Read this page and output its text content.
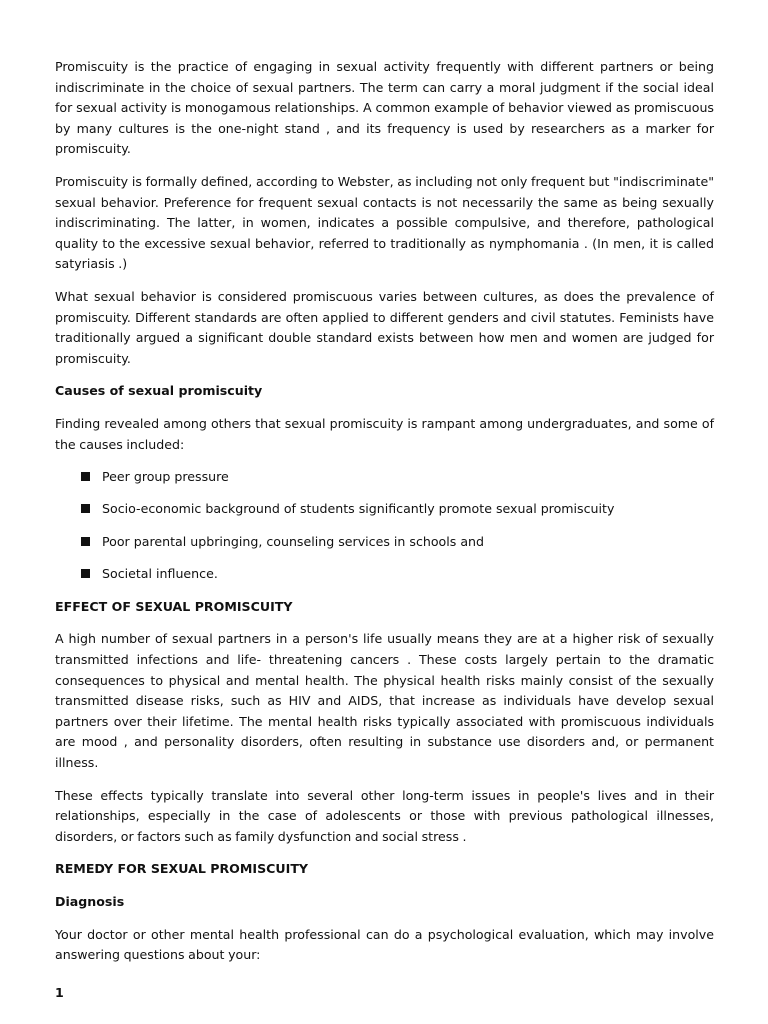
Promiscuity is the practice of engaging in sexual activity frequently with different partners or being indiscriminate in the choice of sexual partners. The term can carry a moral judgment if the social ideal for sexual activity is monogamous relationships. A common example of behavior viewed as promiscuous by many cultures is the one-night stand , and its frequency is used by researchers as a marker for promiscuity.

Promiscuity is formally defined, according to Webster, as including not only frequent but "indiscriminate" sexual behavior. Preference for frequent sexual contacts is not necessarily the same as being sexually indiscriminating. The latter, in women, indicates a possible compulsive, and therefore, pathological quality to the excessive sexual behavior, referred to traditionally as nymphomania . (In men, it is called satyriasis .)

What sexual behavior is considered promiscuous varies between cultures, as does the prevalence of promiscuity. Different standards are often applied to different genders and civil statutes. Feminists have traditionally argued a significant double standard exists between how men and women are judged for promiscuity.

Causes of sexual promiscuity

Finding revealed among others that sexual promiscuity is rampant among undergraduates, and some of the causes included:

Peer group pressure
Socio-economic background of students significantly promote sexual promiscuity
Poor parental upbringing, counseling services in schools and
Societal influence.
EFFECT OF SEXUAL PROMISCUITY

A high number of sexual partners in a person's life usually means they are at a higher risk of sexually transmitted infections and life- threatening cancers . These costs largely pertain to the dramatic consequences to physical and mental health. The physical health risks mainly consist of the sexually transmitted disease risks, such as HIV and AIDS, that increase as individuals have develop sexual partners over their lifetime. The mental health risks typically associated with promiscuous individuals are mood , and personality disorders, often resulting in substance use disorders and, or permanent illness.

These effects typically translate into several other long-term issues in people's lives and in their relationships, especially in the case of adolescents or those with previous pathological illnesses, disorders, or factors such as family dysfunction and social stress .

REMEDY FOR SEXUAL PROMISCUITY
Diagnosis

Your doctor or other mental health professional can do a psychological evaluation, which may involve answering questions about your:

1
